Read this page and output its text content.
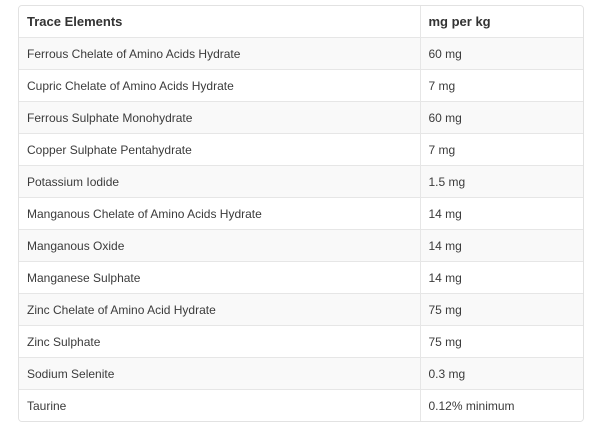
Trace Elements	mg per kg
Ferrous Chelate of Amino Acids Hydrate	60 mg
Cupric Chelate of Amino Acids Hydrate	7 mg
Ferrous Sulphate Monohydrate	60 mg
Copper Sulphate Pentahydrate	7 mg
Potassium Iodide	1.5 mg
Manganous Chelate of Amino Acids Hydrate	14 mg
Manganous Oxide	14 mg
Manganese Sulphate	14 mg
Zinc Chelate of Amino Acid Hydrate	75 mg
Zinc Sulphate	75 mg
Sodium Selenite	0.3 mg
Taurine	0.12% minimum
